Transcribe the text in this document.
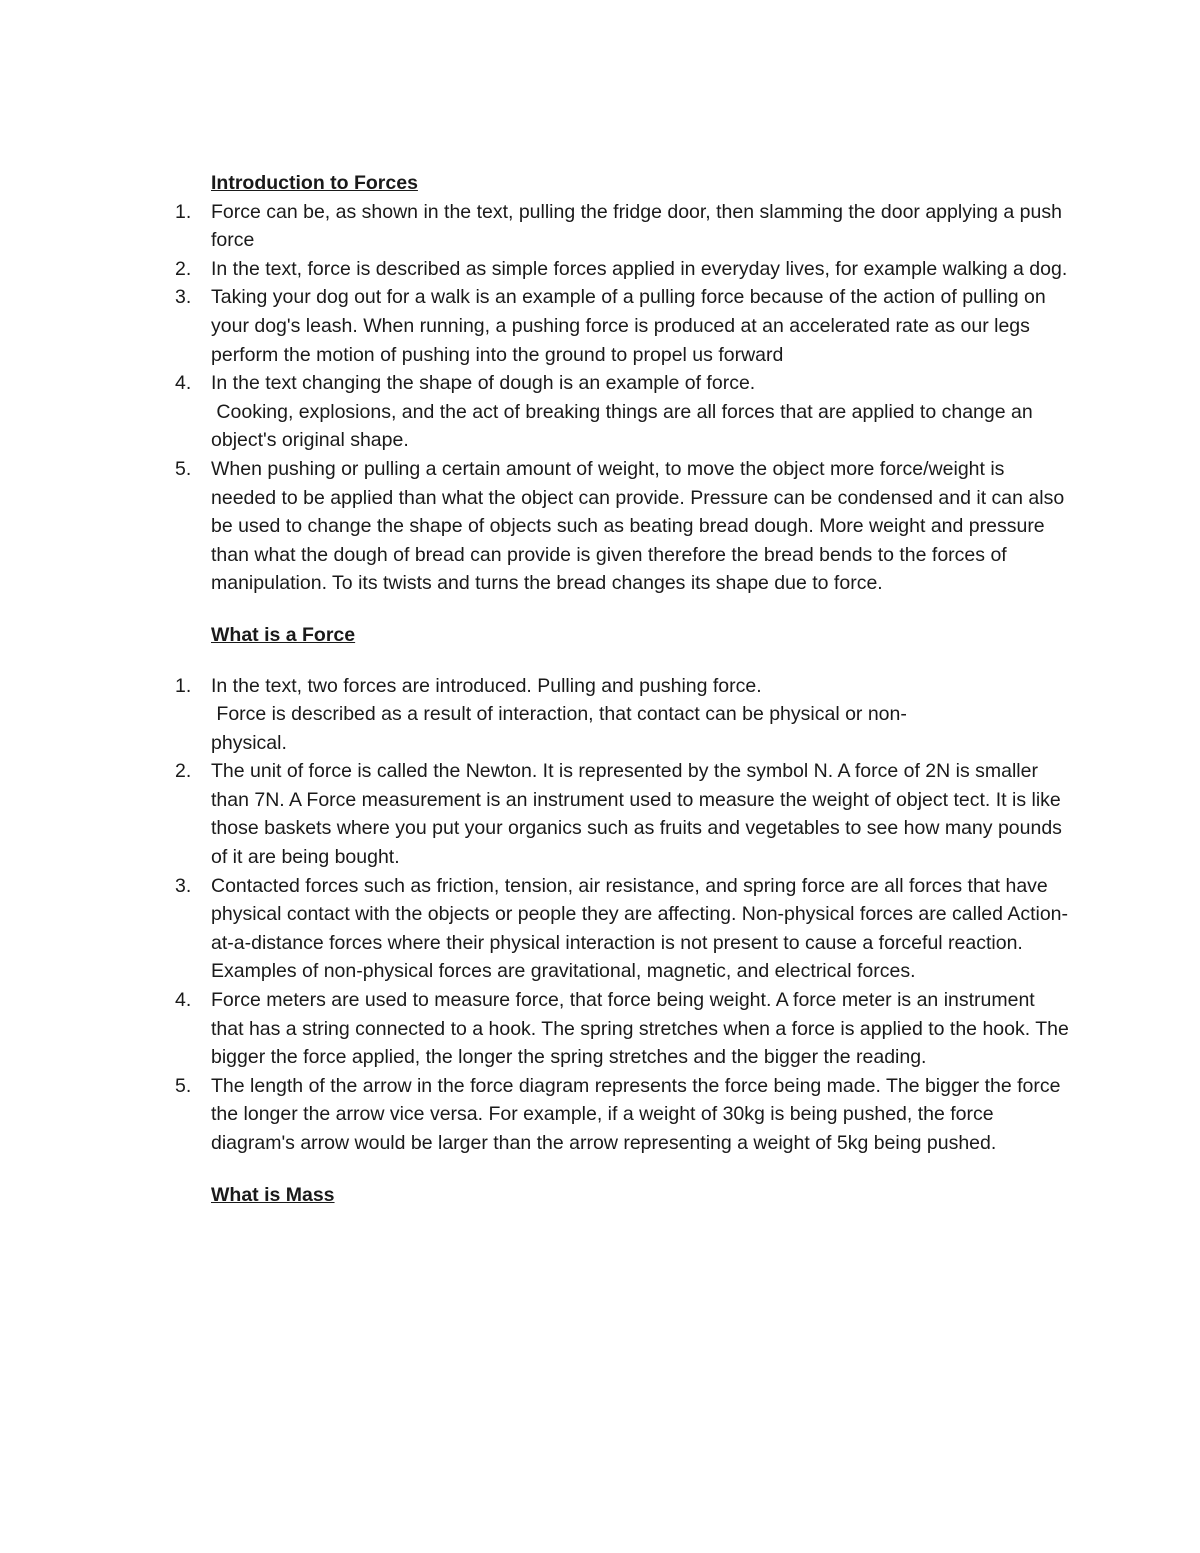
Introduction to Forces

1. Force can be, as shown in the text, pulling the fridge door, then slamming the door applying a push force
2. In the text, force is described as simple forces applied in everyday lives, for example walking a dog.
3. Taking your dog out for a walk is an example of a pulling force because of the action of pulling on your dog's leash. When running, a pushing force is produced at an accelerated rate as our legs perform the motion of pushing into the ground to propel us forward
4. In the text changing the shape of dough is an example of force.
Cooking, explosions, and the act of breaking things are all forces that are applied to change an object's original shape.
5. When pushing or pulling a certain amount of weight, to move the object more force/weight is needed to be applied than what the object can provide. Pressure can be condensed and it can also be used to change the shape of objects such as beating bread dough. More weight and pressure than what the dough of bread can provide is given therefore the bread bends to the forces of manipulation. To its twists and turns the bread changes its shape due to force.

What is a Force

1. In the text, two forces are introduced. Pulling and pushing force.
Force is described as a result of interaction, that contact can be physical or non-physical.
2. The unit of force is called the Newton. It is represented by the symbol N. A force of 2N is smaller than 7N. A Force measurement is an instrument used to measure the weight of object tect. It is like those baskets where you put your organics such as fruits and vegetables to see how many pounds of it are being bought.
3. Contacted forces such as friction, tension, air resistance, and spring force are all forces that have physical contact with the objects or people they are affecting. Non-physical forces are called Action-at-a-distance forces where their physical interaction is not present to cause a forceful reaction. Examples of non-physical forces are gravitational, magnetic, and electrical forces.
4. Force meters are used to measure force, that force being weight. A force meter is an instrument that has a string connected to a hook. The spring stretches when a force is applied to the hook. The bigger the force applied, the longer the spring stretches and the bigger the reading.
5. The length of the arrow in the force diagram represents the force being made. The bigger the force the longer the arrow vice versa. For example, if a weight of 30kg is being pushed, the force diagram's arrow would be larger than the arrow representing a weight of 5kg being pushed.

What is Mass
